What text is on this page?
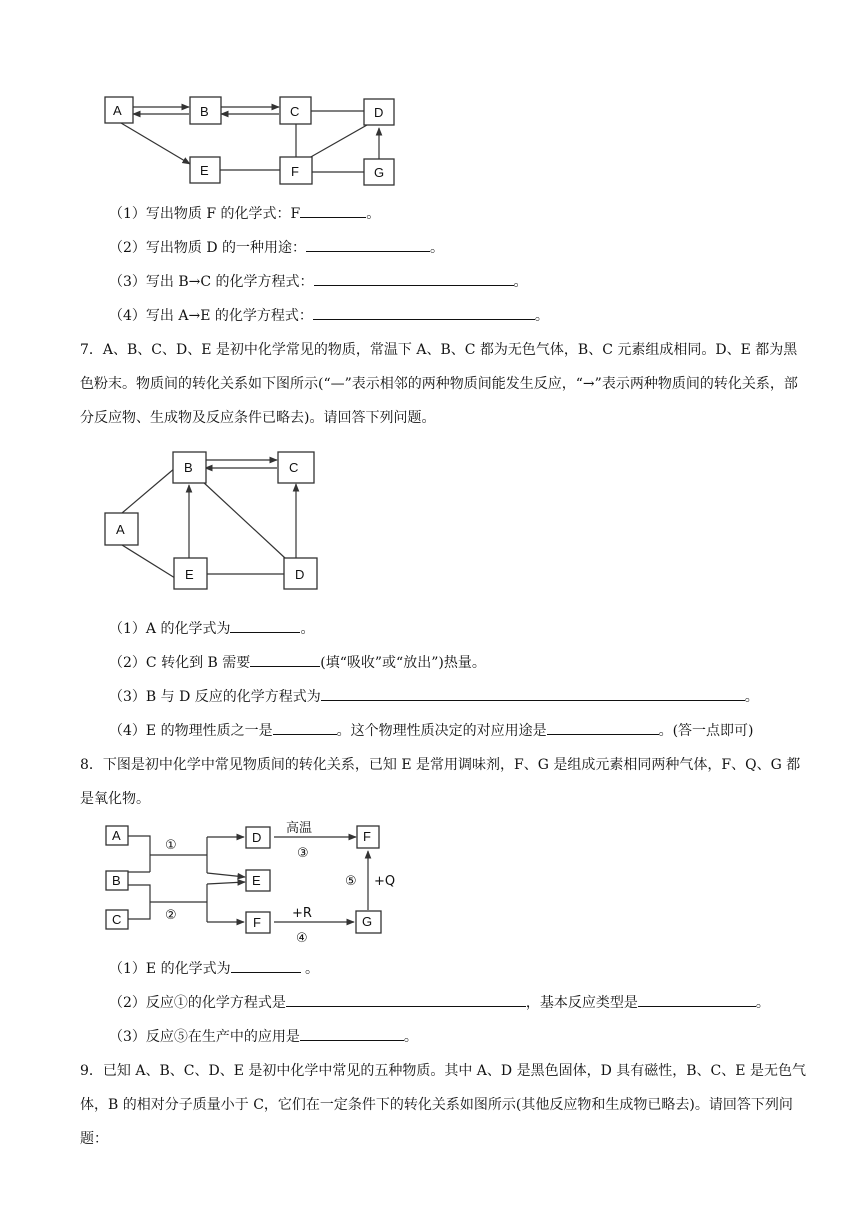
A	B	C	D
E	F	G
（1）写出物质 F 的化学式：F	。
（2）写出物质 D 的一种用途：	。
（3）写出 B→C 的化学方程式：	。
（4）写出 A→E 的化学方程式：	。
7．A、B、C、D、E 是初中化学常见的物质，常温下 A、B、C 都为无色气体，B、C 元素组成相同。D、E 都为黑色粉末。物质间的转化关系如下图所示(“—”表示相邻的两种物质间能发生反应，“→”表示两种物质间的转化关系，部分反应物、生成物及反应条件已略去)。请回答下列问题。
B	C
A
E	D
（1）A 的化学式为	。
（2）C 转化到 B 需要	(填“吸收”或“放出”)热量。
（3）B 与 D 反应的化学方程式为	。
（4）E 的物理性质之一是	。这个物理性质决定的对应用途是	。(答一点即可)
8．下图是初中化学中常见物质间的转化关系，已知 E 是常用调味剂，F、G 是组成元素相同两种气体，F、Q、G 都是氧化物。
①
②
高温
③
+R
④
⑤ +Q
A
B
C
D
E
F
F
G
（1）E 的化学式为	。
（2）反应①的化学方程式是	，基本反应类型是	。
（3）反应⑤在生产中的应用是	。
9．已知 A、B、C、D、E 是初中化学中常见的五种物质。其中 A、D 是黑色固体，D 具有磁性，B、C、E 是无色气体，B 的相对分子质量小于 C，它们在一定条件下的转化关系如图所示(其他反应物和生成物已略去)。请回答下列问题：
